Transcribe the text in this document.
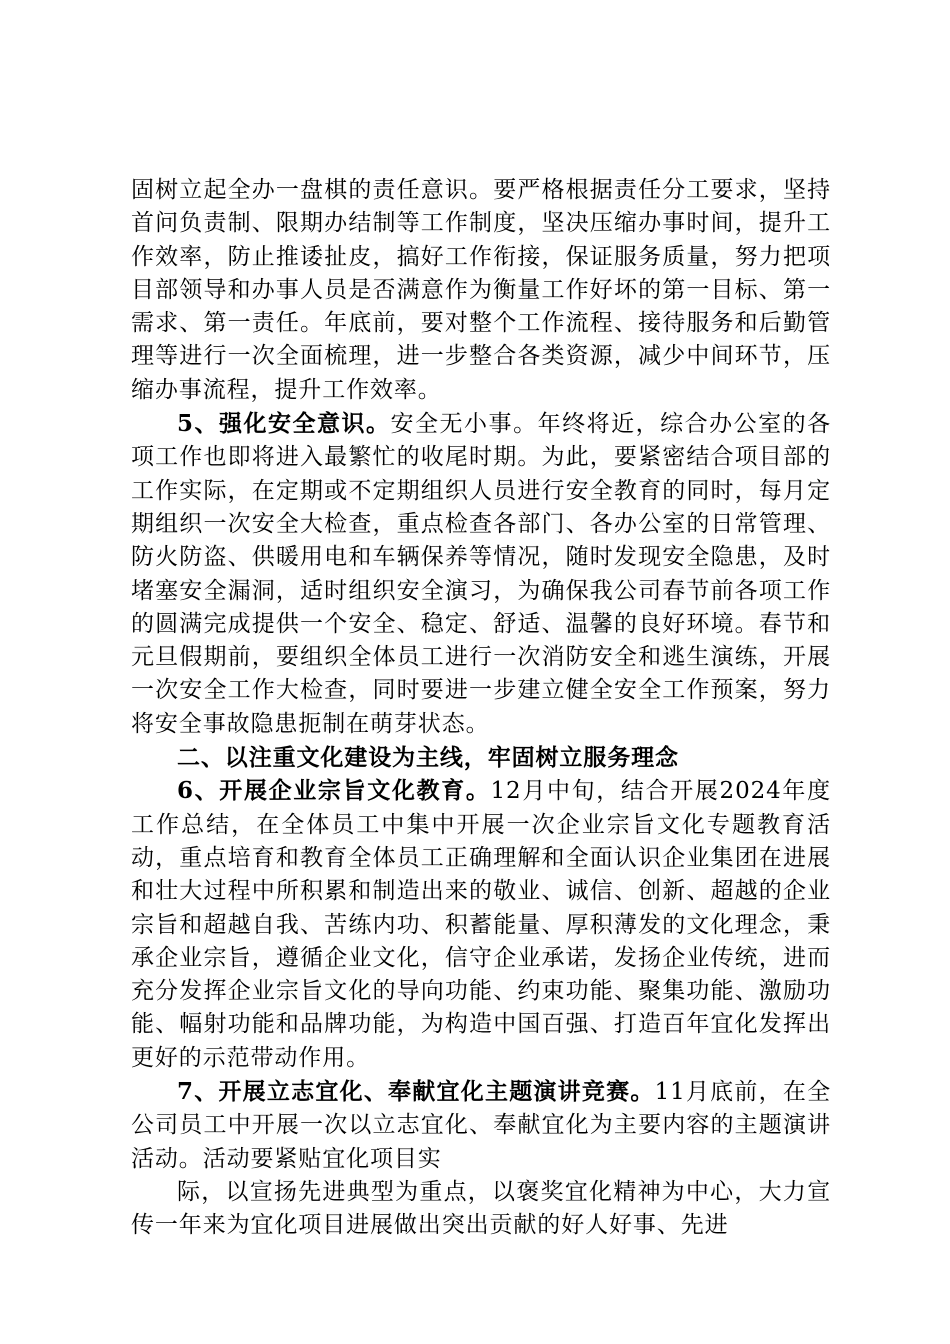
固树立起全办一盘棋的责任意识。要严格根据责任分工要求，坚持首问负责制、限期办结制等工作制度，坚决压缩办事时间，提升工作效率，防止推诿扯皮，搞好工作衔接，保证服务质量，努力把项目部领导和办事人员是否满意作为衡量工作好坏的第一目标、第一需求、第一责任。年底前，要对整个工作流程、接待服务和后勤管理等进行一次全面梳理，进一步整合各类资源，减少中间环节，压缩办事流程，提升工作效率。

5、强化安全意识。安全无小事。年终将近，综合办公室的各项工作也即将进入最繁忙的收尾时期。为此，要紧密结合项目部的工作实际，在定期或不定期组织人员进行安全教育的同时，每月定期组织一次安全大检查，重点检查各部门、各办公室的日常管理、防火防盗、供暖用电和车辆保养等情况，随时发现安全隐患，及时堵塞安全漏洞，适时组织安全演习，为确保我公司春节前各项工作的圆满完成提供一个安全、稳定、舒适、温馨的良好环境。春节和元旦假期前，要组织全体员工进行一次消防安全和逃生演练，开展一次安全工作大检查，同时要进一步建立健全安全工作预案，努力将安全事故隐患扼制在萌芽状态。

二、以注重文化建设为主线，牢固树立服务理念

6、开展企业宗旨文化教育。12月中旬，结合开展2024年度工作总结，在全体员工中集中开展一次企业宗旨文化专题教育活动，重点培育和教育全体员工正确理解和全面认识企业集团在进展和壮大过程中所积累和制造出来的敬业、诚信、创新、超越的企业宗旨和超越自我、苦练内功、积蓄能量、厚积薄发的文化理念，秉承企业宗旨，遵循企业文化，信守企业承诺，发扬企业传统，进而充分发挥企业宗旨文化的导向功能、约束功能、聚集功能、激励功能、幅射功能和品牌功能，为构造中国百强、打造百年宜化发挥出更好的示范带动作用。

7、开展立志宜化、奉献宜化主题演讲竞赛。11月底前，在全公司员工中开展一次以立志宜化、奉献宜化为主要内容的主题演讲活动。活动要紧贴宜化项目实

际，以宣扬先进典型为重点，以褒奖宜化精神为中心，大力宣传一年来为宜化项目进展做出突出贡献的好人好事、先进
